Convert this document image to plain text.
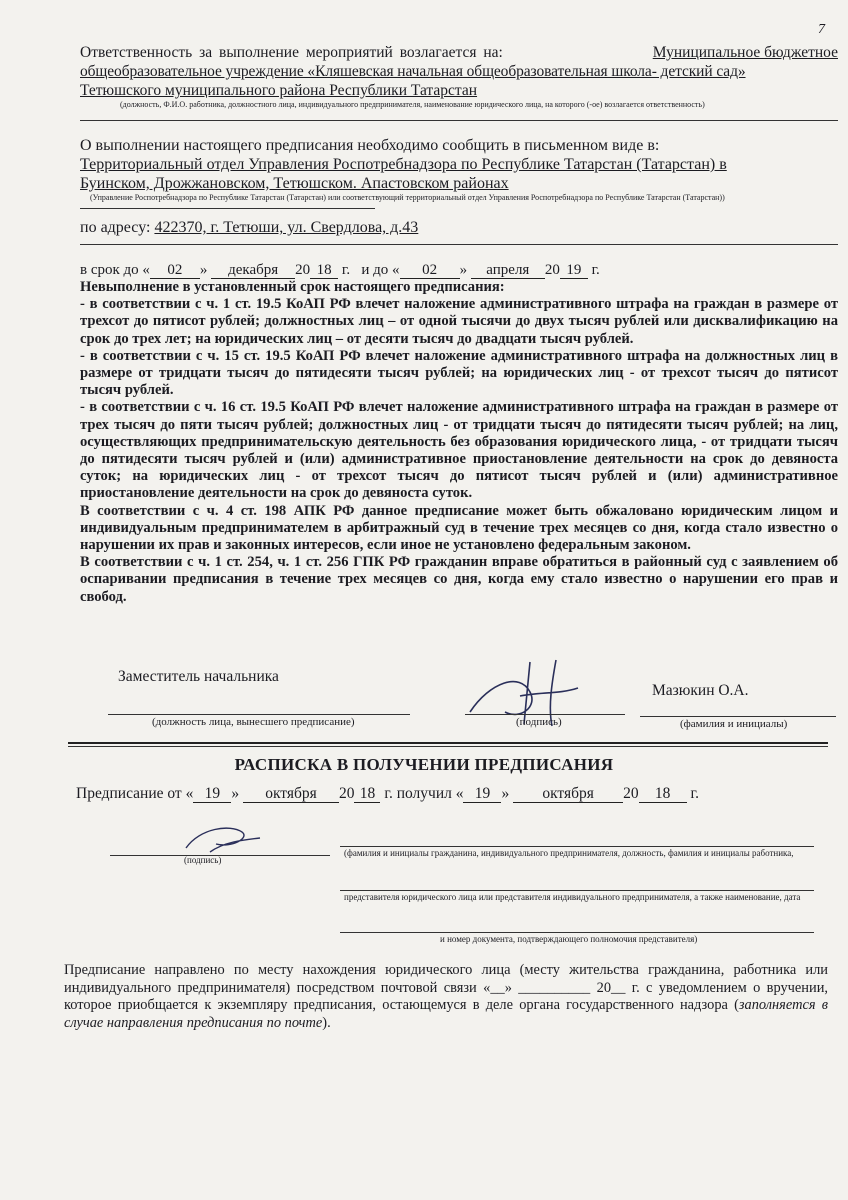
7
Ответственность за выполнение мероприятий возлагается на:	Муниципальное бюджетное
общеобразовательное учреждение «Кляшевская начальная общеобразовательная школа- детский сад»
Тетюшского муниципального района Республики Татарстан
(должность, Ф.И.О. работника, должностного лица, индивидуального предпринимателя, наименование юридического лица, на которого (-ое) возлагается ответственность)
О выполнении настоящего предписания необходимо сообщить в письменном виде в:
Территориальный отдел Управления Роспотребнадзора по Республике Татарстан (Татарстан) в
Буинском, Дрожжановском, Тетюшском. Апастовском районах
(Управление Роспотребнадзора по Республике Татарстан (Татарстан) или соответствующий территориальный отдел Управления Роспотребнадзора по Республике Татарстан (Татарстан))
по адресу: 422370, г. Тетюши, ул. Свердлова, д.43
в срок до « 02 » декабря 20 18 г. и до « 02 » апреля 20 19 г.

Невыполнение в установленный срок настоящего предписания:

- в соответствии с ч. 1 ст. 19.5 КоАП РФ влечет наложение административного штрафа на граждан в размере от трехсот до пятисот рублей; должностных лиц – от одной тысячи до двух тысяч рублей или дисквалификацию на срок до трех лет; на юридических лиц – от десяти тысяч до двадцати тысяч рублей.

- в соответствии с ч. 15 ст. 19.5 КоАП РФ влечет наложение административного штрафа на должностных лиц в размере от тридцати тысяч до пятидесяти тысяч рублей; на юридических лиц - от трехсот тысяч до пятисот тысяч рублей.

- в соответствии с ч. 16 ст. 19.5 КоАП РФ влечет наложение административного штрафа на граждан в размере от трех тысяч до пяти тысяч рублей; должностных лиц - от тридцати тысяч до пятидесяти тысяч рублей; на лиц, осуществляющих предпринимательскую деятельность без образования юридического лица, - от тридцати тысяч до пятидесяти тысяч рублей и (или) административное приостановление деятельности на срок до девяноста суток; на юридических лиц - от трехсот тысяч до пятисот тысяч рублей и (или) административное приостановление деятельности на срок до девяноста суток.

В соответствии с ч. 4 ст. 198 АПК РФ данное предписание может быть обжаловано юридическим лицом и индивидуальным предпринимателем в арбитражный суд в течение трех месяцев со дня, когда стало известно о нарушении их прав и законных интересов, если иное не установлено федеральным законом.

В соответствии с ч. 1 ст. 254, ч. 1 ст. 256 ГПК РФ гражданин вправе обратиться в районный суд с заявлением об оспаривании предписания в течение трех месяцев со дня, когда ему стало известно о нарушении его прав и свобод.

Заместитель начальника
Мазюкин О.А.
(должность лица, вынесшего предписание)	(подпись)	(фамилия и инициалы)
РАСПИСКА В ПОЛУЧЕНИИ ПРЕДПИСАНИЯ
Предписание от « 19 » октября 20 18 г. получил « 19 » октября 20 18 г.
(подпись)
(фамилия и инициалы гражданина, индивидуального предпринимателя, должность, фамилия и инициалы работника,
представителя юридического лица или представителя индивидуального предпринимателя, а также наименование, дата
и номер документа, подтверждающего полномочия представителя)

Предписание направлено по месту нахождения юридического лица (месту жительства гражданина, работника или индивидуального предпринимателя) посредством почтовой связи «__» __________ 20__ г. с уведомлением о вручении, которое приобщается к экземпляру предписания, остающемуся в деле органа государственного надзора (заполняется в случае направления предписания по почте).
